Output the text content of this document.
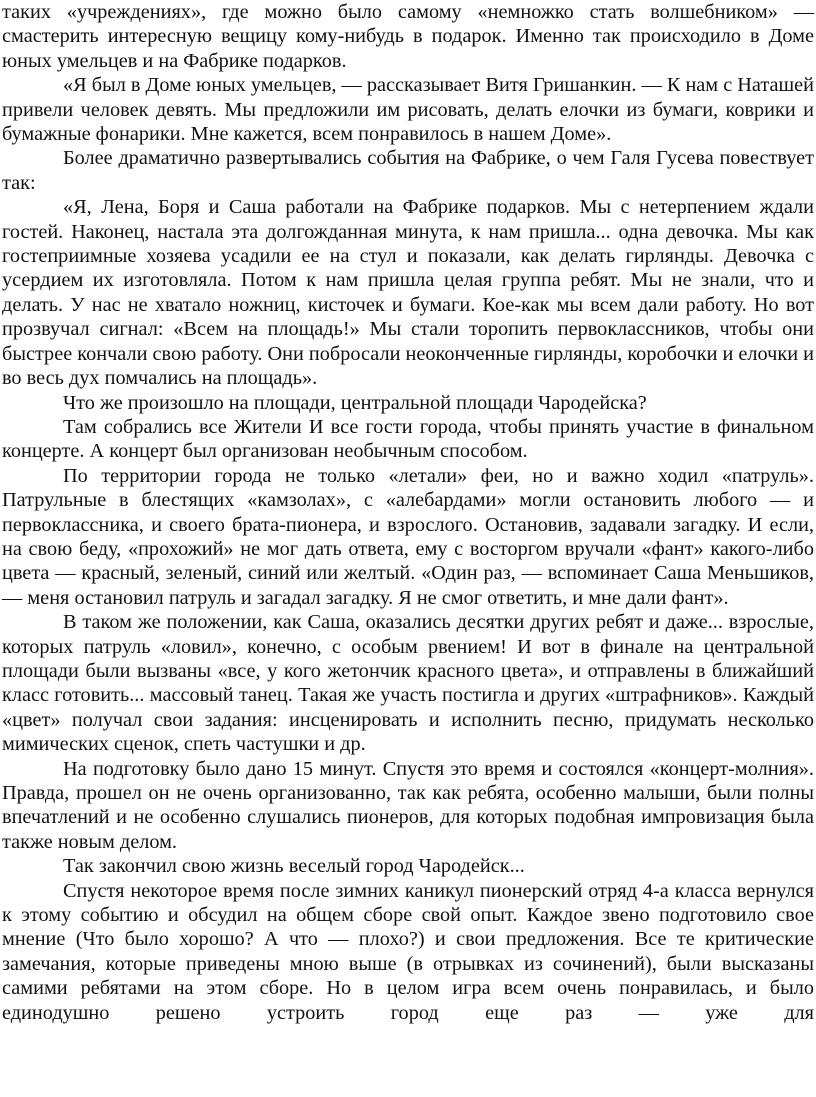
таких «учреждениях», где можно было самому «немножко стать волшебником» — смастерить интересную вещицу кому-нибудь в подарок. Именно так происходило в Доме юных умельцев и на Фабрике подарков.

«Я был в Доме юных умельцев, — рассказывает Витя Гришанкин. — К нам с Наташей привели человек девять. Мы предложили им рисовать, делать елочки из бумаги, коврики и бумажные фонарики. Мне кажется, всем понравилось в нашем Доме».

Более драматично развертывались события на Фабрике, о чем Галя Гусева повествует так:

«Я, Лена, Боря и Саша работали на Фабрике подарков. Мы с нетерпением ждали гостей. Наконец, настала эта долгожданная минута, к нам пришла... одна девочка. Мы как гостеприимные хозяева усадили ее на стул и показали, как делать гирлянды. Девочка с усердием их изготовляла. Потом к нам пришла целая группа ребят. Мы не знали, что и делать. У нас не хватало ножниц, кисточек и бумаги. Кое-как мы всем дали работу. Но вот прозвучал сигнал: «Всем на площадь!» Мы стали торопить первоклассников, чтобы они быстрее кончали свою работу. Они побросали неоконченные гирлянды, коробочки и елочки и во весь дух помчались на площадь».

Что же произошло на площади, центральной площади Чародейска?

Там собрались все Жители И все гости города, чтобы принять участие в финальном концерте. А концерт был организован необычным способом.

По территории города не только «летали» феи, но и важно ходил «патруль». Патрульные в блестящих «камзолах», с «алебардами» могли остановить любого — и первоклассника, и своего брата-пионера, и взрослого. Остановив, задавали загадку. И если, на свою беду, «прохожий» не мог дать ответа, ему с восторгом вручали «фант» какого-либо цвета — красный, зеленый, синий или желтый. «Один раз, — вспоминает Саша Меньшиков, — меня остановил патруль и загадал загадку. Я не смог ответить, и мне дали фант».

В таком же положении, как Саша, оказались десятки других ребят и даже... взрослые, которых патруль «ловил», конечно, с особым рвением! И вот в финале на центральной площади были вызваны «все, у кого жетончик красного цвета», и отправлены в ближайший класс готовить... массовый танец. Такая же участь постигла и других «штрафников». Каждый «цвет» получал свои задания: инсценировать и исполнить песню, придумать несколько мимических сценок, спеть частушки и др.

На подготовку было дано 15 минут. Спустя это время и состоялся «концерт-молния». Правда, прошел он не очень организованно, так как ребята, особенно малыши, были полны впечатлений и не особенно слушались пионеров, для которых подобная импровизация была также новым делом.

Так закончил свою жизнь веселый город Чародейск...

Спустя некоторое время после зимних каникул пионерский отряд 4-а класса вернулся к этому событию и обсудил на общем сборе свой опыт. Каждое звено подготовило свое мнение (Что было хорошо? А что — плохо?) и свои предложения. Все те критические замечания, которые приведены мною выше (в отрывках из сочинений), были высказаны самими ребятами на этом сборе. Но в целом игра всем очень понравилась, и было единодушно решено устроить город еще раз — уже для
